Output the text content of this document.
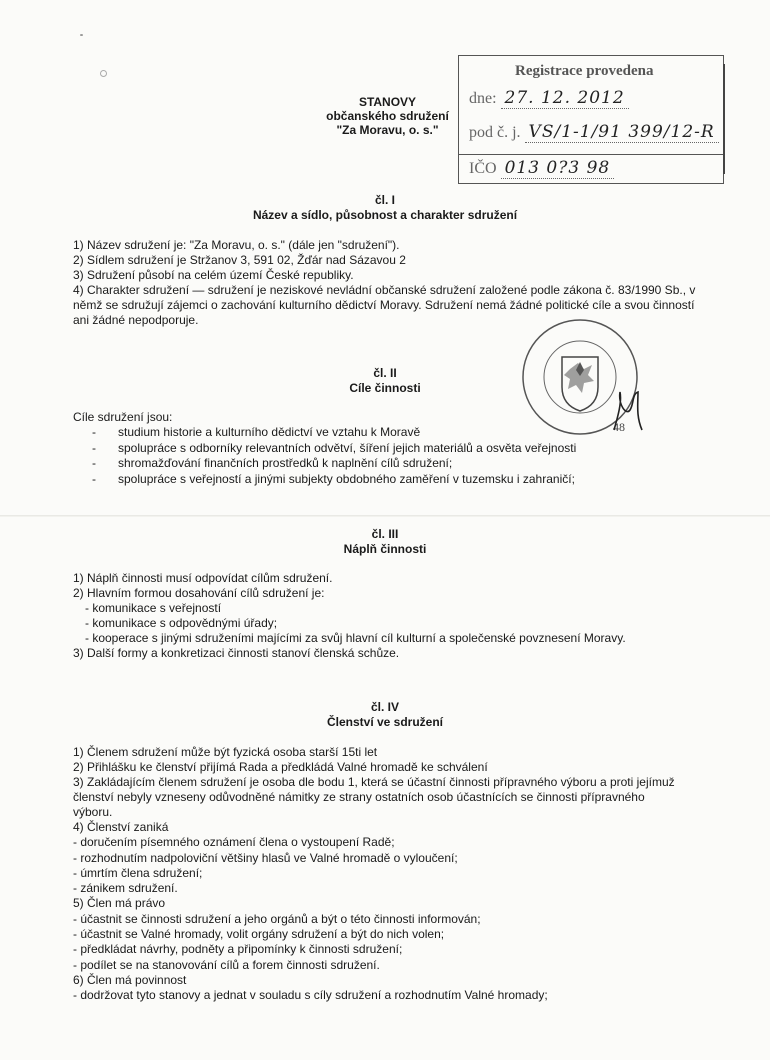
STANOVY
občanského sdružení
"Za Moravu, o. s."
Registrace provedena
dne: 27. 12. 2012
pod č. j. VS/1-1/91 399/12-R
IČO 013 0?3 98
čl. I
Název a sídlo, působnost a charakter sdružení
1) Název sdružení je: "Za Moravu, o. s." (dále jen "sdružení").
2) Sídlem sdružení je Stržanov 3, 591 02, Žďár nad Sázavou 2
3) Sdružení působí na celém území České republiky.
4) Charakter sdružení — sdružení je neziskové nevládní občanské sdružení založené podle zákona č. 83/1990 Sb., v němž se sdružují zájemci o zachování kulturního dědictví Moravy. Sdružení nemá žádné politické cíle a svou činností ani žádné nepodporuje.
čl. II
Cíle činnosti
Cíle sdružení jsou:
- studium historie a kulturního dědictví ve vztahu k Moravě
- spolupráce s odborníky relevantních odvětví, šíření jejich materiálů a osvěta veřejnosti
- shromažďování finančních prostředků k naplnění cílů sdružení;
- spolupráce s veřejností a jinými subjekty obdobného zaměření v tuzemsku i zahraničí;
48
čl. III
Náplň činnosti
1) Náplň činnosti musí odpovídat cílům sdružení.
2) Hlavním formou dosahování cílů sdružení je:
- komunikace s veřejností
- komunikace s odpovědnými úřady;
- kooperace s jinými sdruženími majícími za svůj hlavní cíl kulturní a společenské povznesení Moravy.
3) Další formy a konkretizaci činnosti stanoví členská schůze.
čl. IV
Členství ve sdružení
1) Členem sdružení může být fyzická osoba starší 15ti let
2) Přihlášku ke členství přijímá Rada a předkládá Valné hromadě ke schválení
3) Zakládajícím členem sdružení je osoba dle bodu 1, která se účastní činnosti přípravného výboru a proti jejímuž členství nebyly vzneseny odůvodněné námitky ze strany ostatních osob účastnících se činnosti přípravného výboru.
4) Členství zaniká
- doručením písemného oznámení člena o vystoupení Radě;
- rozhodnutím nadpoloviční většiny hlasů ve Valné hromadě o vyloučení;
- úmrtím člena sdružení;
- zánikem sdružení.
5) Člen má právo
- účastnit se činnosti sdružení a jeho orgánů a být o této činnosti informován;
- účastnit se Valné hromady, volit orgány sdružení a být do nich volen;
- předkládat návrhy, podněty a připomínky k činnosti sdružení;
- podílet se na stanovování cílů a forem činnosti sdružení.
6) Člen má povinnost
- dodržovat tyto stanovy a jednat v souladu s cíly sdružení a rozhodnutím Valné hromady;
